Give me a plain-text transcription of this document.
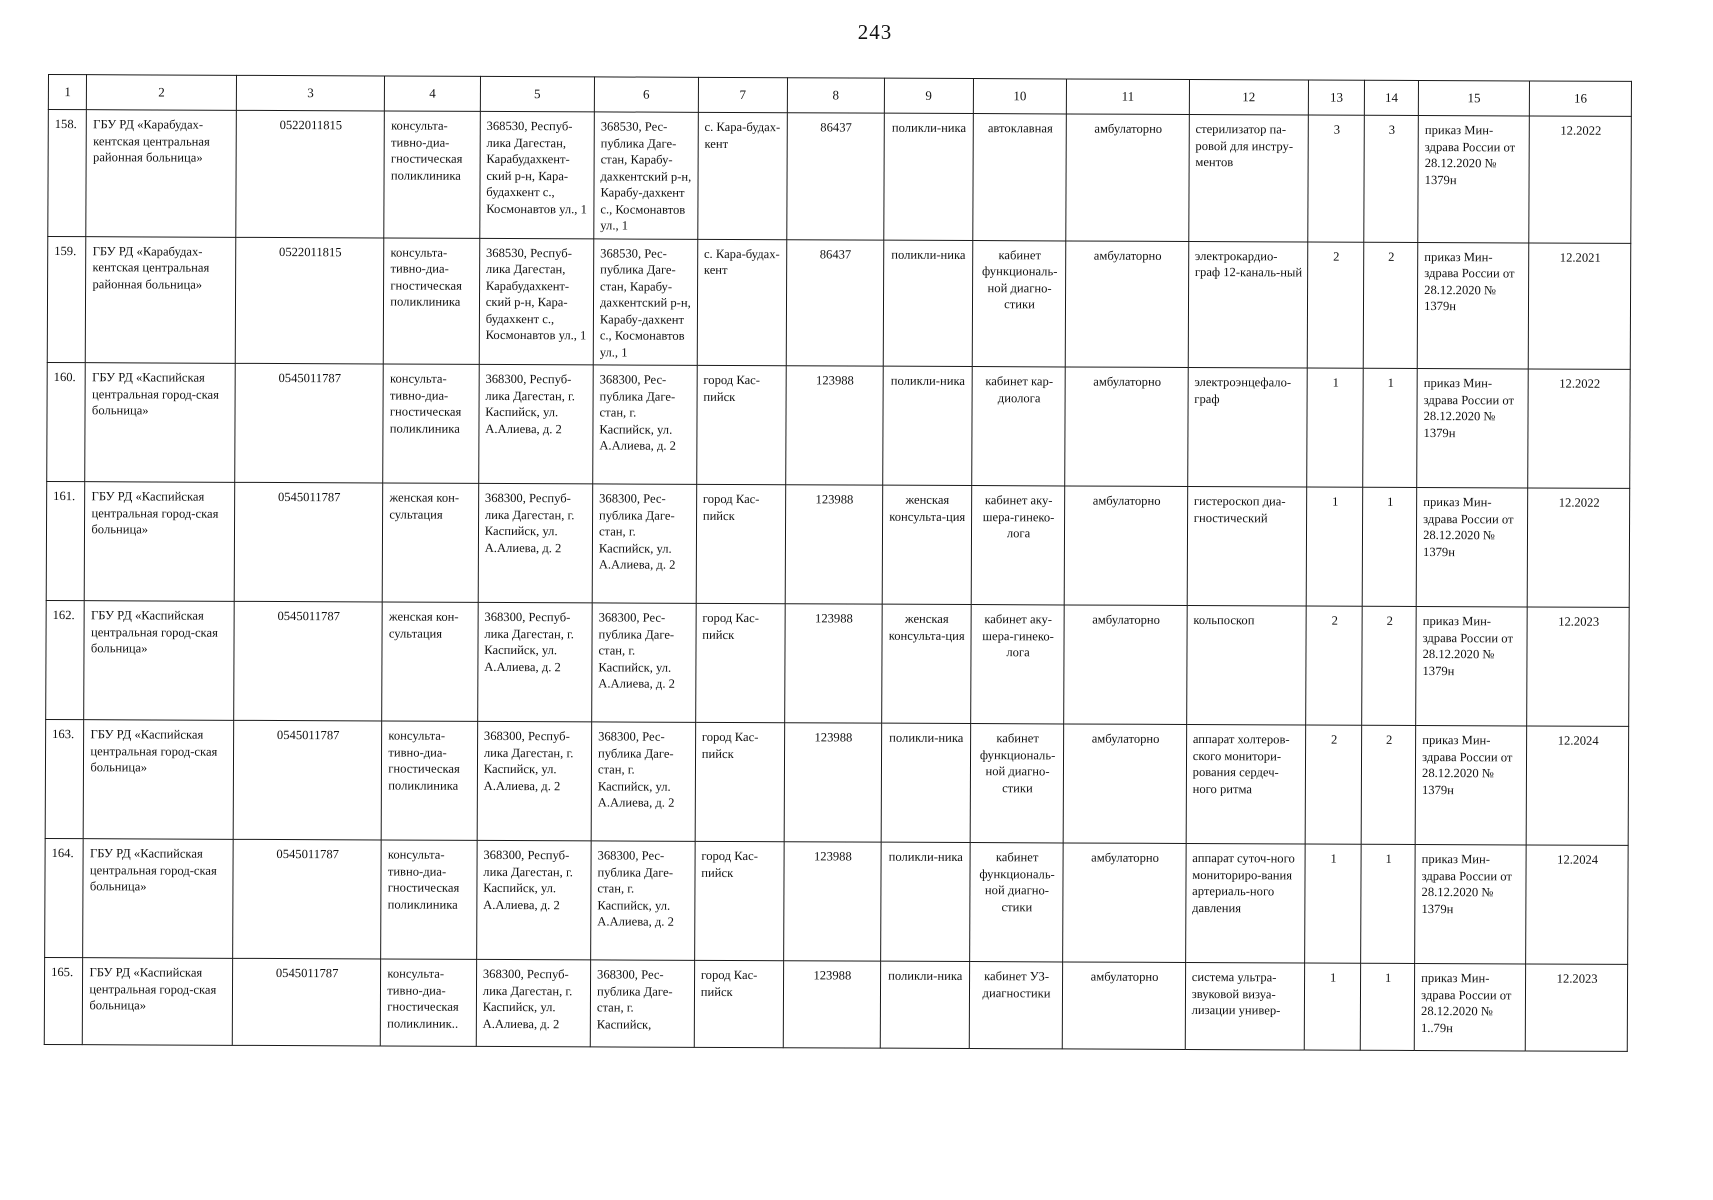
243
1	2	3	4	5	6	7	8	9	10	11	12	13	14	15	16
158.	ГБУ РД «Карабудах-кентская центральная районная больница»	0522011815	консульта-тивно-диа-гностическая поликлиника	368530, Респуб-лика Дагестан, Карабудахкент-ский р-н, Кара-будахкент с., Космонавтов ул., 1	368530, Рес-публика Даге-стан, Карабу-дахкентский р-н, Карабу-дахкент с., Космонавтов ул., 1	с. Кара-будах-кент	86437	поликли-ника	автоклавная	амбулаторно	стерилизатор па-ровой для инстру-ментов	3	3	приказ Мин-здрава России от 28.12.2020 № 1379н	12.2022
159.	ГБУ РД «Карабудах-кентская центральная районная больница»	0522011815	консульта-тивно-диа-гностическая поликлиника	368530, Респуб-лика Дагестан, Карабудахкент-ский р-н, Кара-будахкент с., Космонавтов ул., 1	368530, Рес-публика Даге-стан, Карабу-дахкентский р-н, Карабу-дахкент с., Космонавтов ул., 1	с. Кара-будах-кент	86437	поликли-ника	кабинет функциональ-ной диагно-стики	амбулаторно	электрокардио-граф 12-каналь-ный	2	2	приказ Мин-здрава России от 28.12.2020 № 1379н	12.2021
160.	ГБУ РД «Каспийская центральная город-ская больница»	0545011787	консульта-тивно-диа-гностическая поликлиника	368300, Респуб-лика Дагестан, г. Каспийск, ул. А.Алиева, д. 2	368300, Рес-публика Даге-стан, г. Каспийск, ул. А.Алиева, д. 2	город Кас-пийск	123988	поликли-ника	кабинет кар-диолога	амбулаторно	электроэнцефало-граф	1	1	приказ Мин-здрава России от 28.12.2020 № 1379н	12.2022
161.	ГБУ РД «Каспийская центральная город-ская больница»	0545011787	женская кон-сультация	368300, Респуб-лика Дагестан, г. Каспийск, ул. А.Алиева, д. 2	368300, Рес-публика Даге-стан, г. Каспийск, ул. А.Алиева, д. 2	город Кас-пийск	123988	женская консульта-ция	кабинет аку-шера-гинеко-лога	амбулаторно	гистероскоп диа-гностический	1	1	приказ Мин-здрава России от 28.12.2020 № 1379н	12.2022
162.	ГБУ РД «Каспийская центральная город-ская больница»	0545011787	женская кон-сультация	368300, Респуб-лика Дагестан, г. Каспийск, ул. А.Алиева, д. 2	368300, Рес-публика Даге-стан, г. Каспийск, ул. А.Алиева, д. 2	город Кас-пийск	123988	женская консульта-ция	кабинет аку-шера-гинеко-лога	амбулаторно	кольпоскоп	2	2	приказ Мин-здрава России от 28.12.2020 № 1379н	12.2023
163.	ГБУ РД «Каспийская центральная город-ская больница»	0545011787	консульта-тивно-диа-гностическая поликлиника	368300, Респуб-лика Дагестан, г. Каспийск, ул. А.Алиева, д. 2	368300, Рес-публика Даге-стан, г. Каспийск, ул. А.Алиева, д. 2	город Кас-пийск	123988	поликли-ника	кабинет функциональ-ной диагно-стики	амбулаторно	аппарат холтеров-ского монитори-рования сердеч-ного ритма	2	2	приказ Мин-здрава России от 28.12.2020 № 1379н	12.2024
164.	ГБУ РД «Каспийская центральная город-ская больница»	0545011787	консульта-тивно-диа-гностическая поликлиника	368300, Респуб-лика Дагестан, г. Каспийск, ул. А.Алиева, д. 2	368300, Рес-публика Даге-стан, г. Каспийск, ул. А.Алиева, д. 2	город Кас-пийск	123988	поликли-ника	кабинет функциональ-ной диагно-стики	амбулаторно	аппарат суточ-ного мониториро-вания артериаль-ного давления	1	1	приказ Мин-здрава России от 28.12.2020 № 1379н	12.2024
165.	ГБУ РД «Каспийская центральная город-ская больница»	0545011787	консульта-тивно-диа-гностическая поликлиник..	368300, Респуб-лика Дагестан, г. Каспийск, ул. А.Алиева, д. 2	368300, Рес-публика Даге-стан, г. Каспийск,	город Кас-пийск	123988	поликли-ника	кабинет УЗ-диагностики	амбулаторно	система ультра-звуковой визуа-лизации универ-	1	1	приказ Мин-здрава России от 28.12.2020 № 1..79н	12.2023
